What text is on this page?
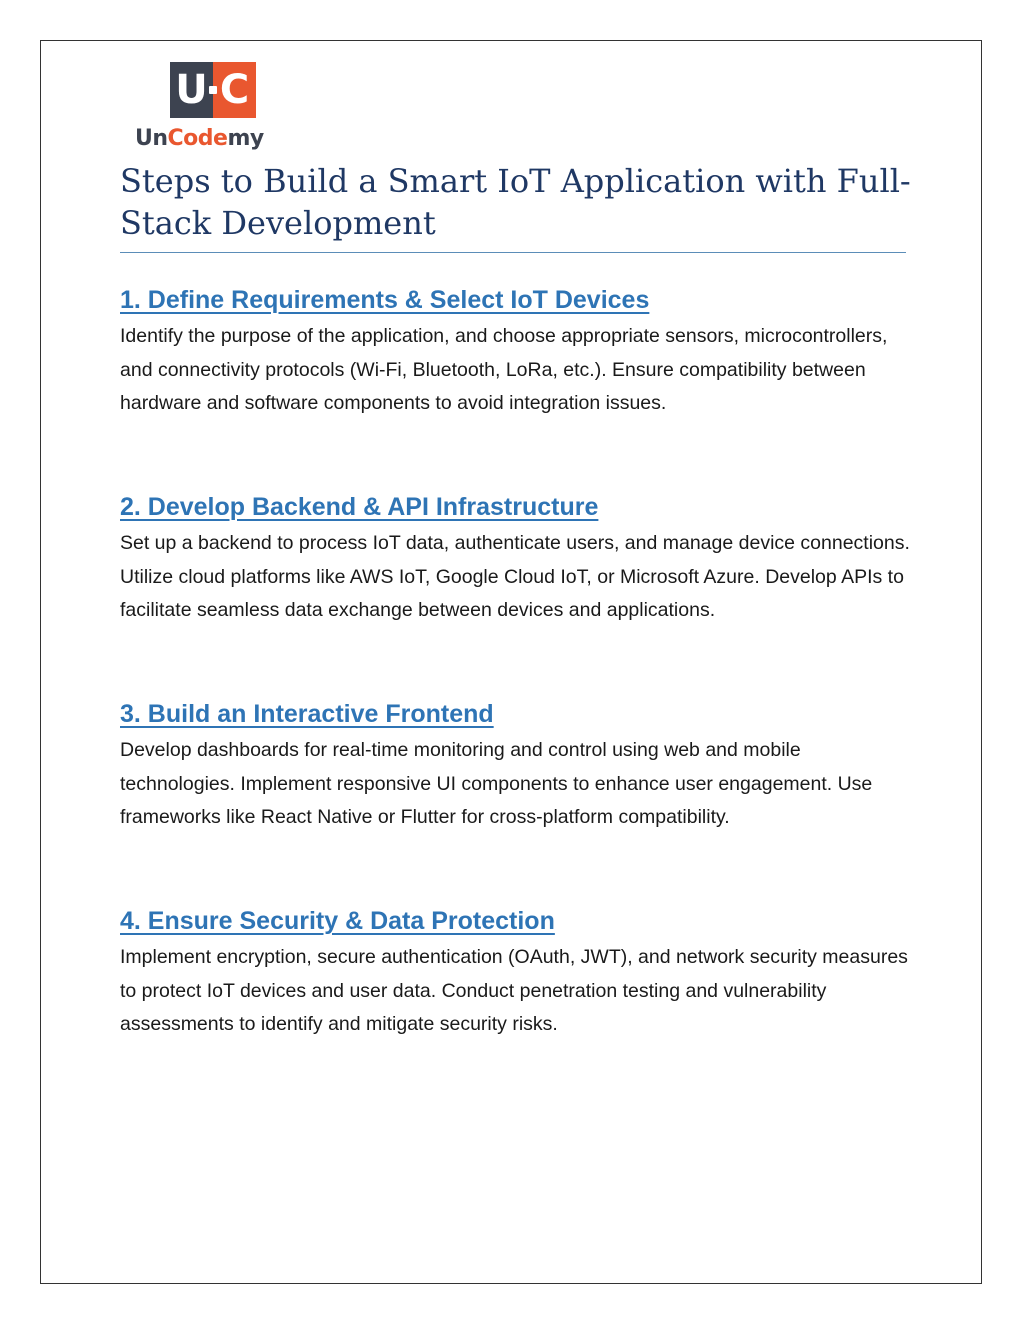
U C
UnCodemy
Steps to Build a Smart IoT Application with Full-Stack Development
1. Define Requirements & Select IoT Devices

Identify the purpose of the application, and choose appropriate sensors, microcontrollers, and connectivity protocols (Wi-Fi, Bluetooth, LoRa, etc.). Ensure compatibility between hardware and software components to avoid integration issues.

2. Develop Backend & API Infrastructure

Set up a backend to process IoT data, authenticate users, and manage device connections. Utilize cloud platforms like AWS IoT, Google Cloud IoT, or Microsoft Azure. Develop APIs to facilitate seamless data exchange between devices and applications.

3. Build an Interactive Frontend

Develop dashboards for real-time monitoring and control using web and mobile technologies. Implement responsive UI components to enhance user engagement. Use frameworks like React Native or Flutter for cross-platform compatibility.

4. Ensure Security & Data Protection

Implement encryption, secure authentication (OAuth, JWT), and network security measures to protect IoT devices and user data. Conduct penetration testing and vulnerability assessments to identify and mitigate security risks.
